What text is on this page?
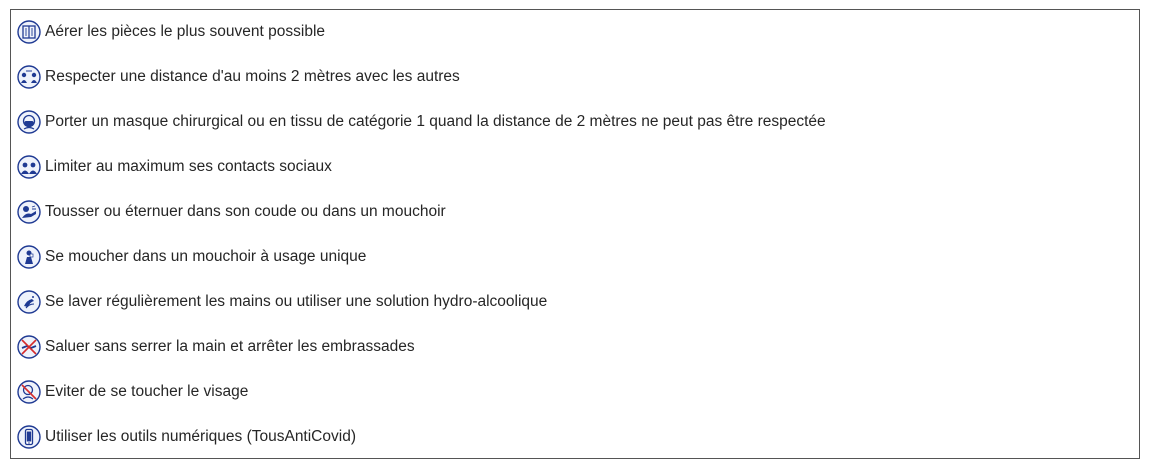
Aérer les pièces le plus souvent possible
Respecter une distance d'au moins 2 mètres avec les autres
Porter un masque chirurgical ou en tissu de catégorie 1 quand la distance de 2 mètres ne peut pas être respectée
Limiter au maximum ses contacts sociaux
Tousser ou éternuer dans son coude ou dans un mouchoir
Se moucher dans un mouchoir à usage unique
Se laver régulièrement les mains ou utiliser une solution hydro-alcoolique
Saluer sans serrer la main et arrêter les embrassades
Eviter de se toucher le visage
Utiliser les outils numériques (TousAntiCovid)
